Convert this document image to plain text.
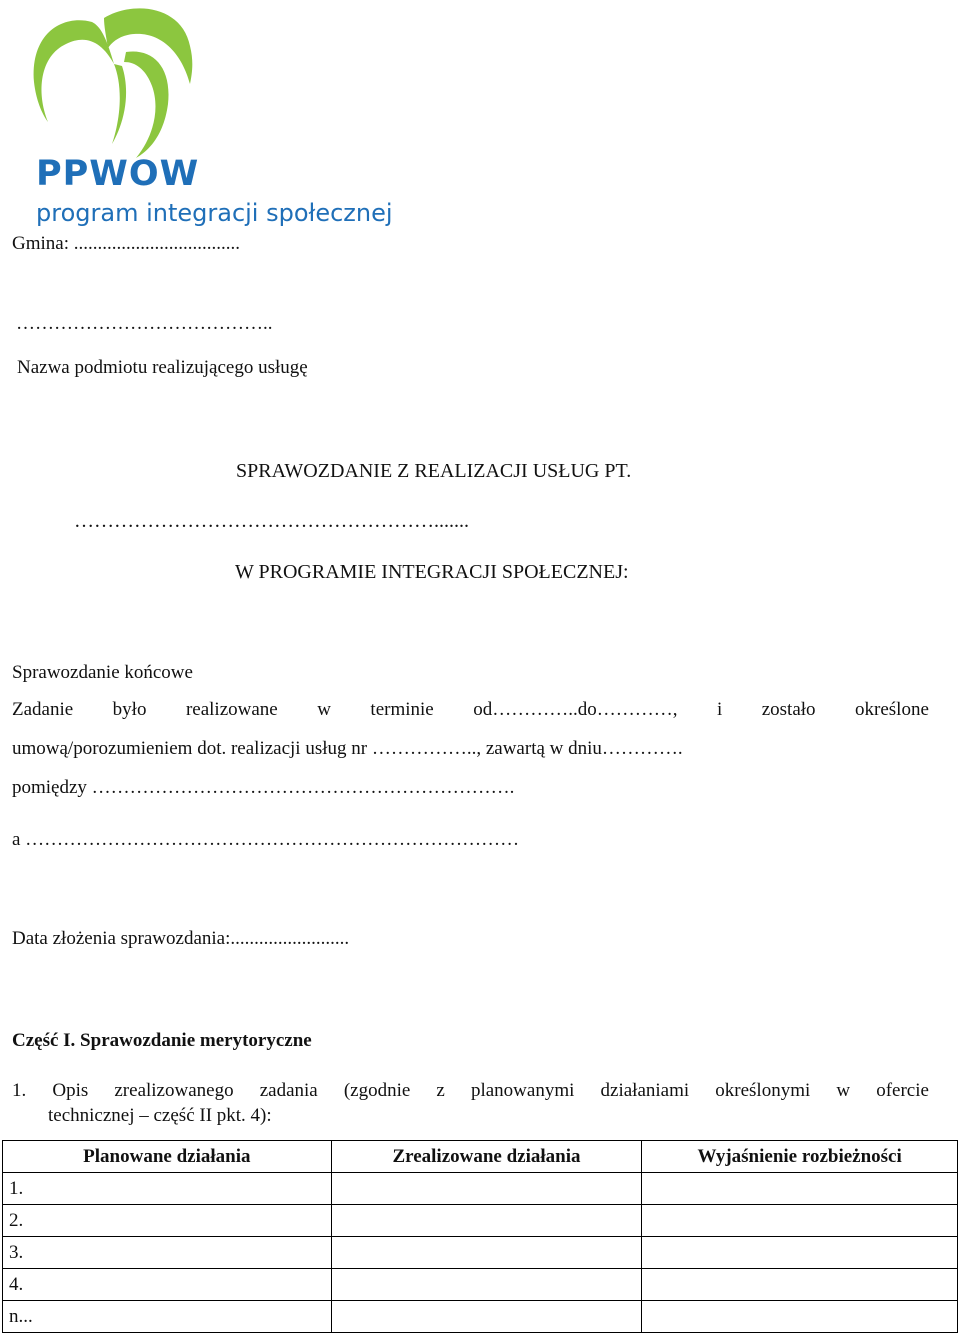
PPWOW
program integracji społecznej
Gmina: ...................................
…………………………………..
Nazwa podmiotu realizującego usługę
SPRAWOZDANIE Z REALIZACJI USŁUG PT.
……………………………………………….......
W PROGRAMIE INTEGRACJI SPOŁECZNEJ:
Sprawozdanie końcowe
Zadanie było realizowane w terminie od…………..do…………, i zostało określone
umową/porozumieniem dot. realizacji usług nr …………….., zawartą w dniu………….
pomiędzy ………………………………………………………….
a ……………………………………………………………………
Data złożenia sprawozdania:.........................
Część I. Sprawozdanie merytoryczne
1. Opis zrealizowanego zadania (zgodnie z planowanymi działaniami określonymi w ofercie
technicznej – część II pkt. 4):
Planowane działania	Zrealizowane działania	Wyjaśnienie rozbieżności
1.		
2.		
3.		
4.		
n...		
